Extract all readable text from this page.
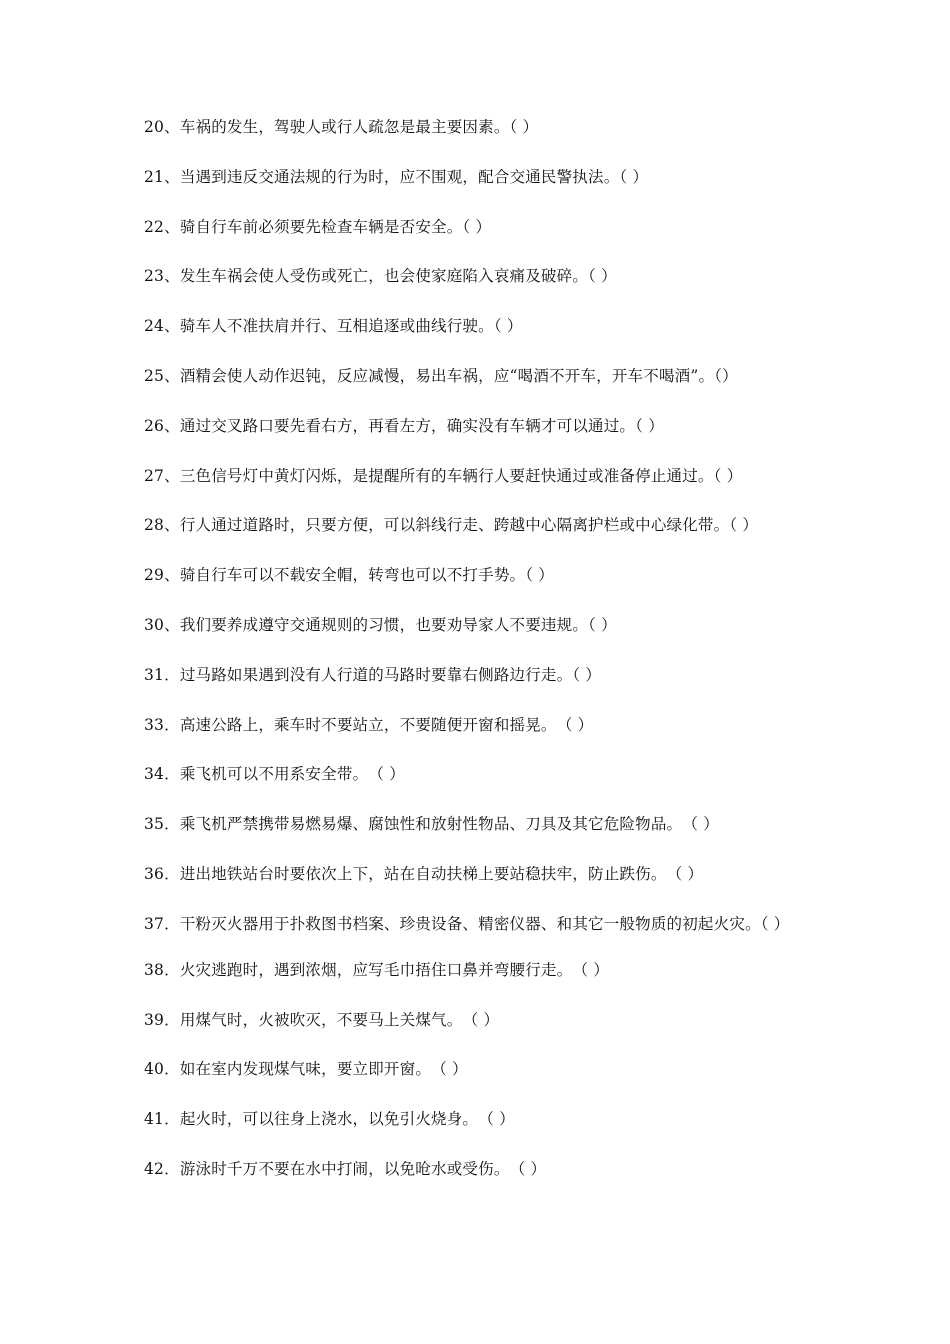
20、车祸的发生，驾驶人或行人疏忽是最主要因素。（ ）
21、当遇到违反交通法规的行为时，应不围观，配合交通民警执法。（ ）
22、骑自行车前必须要先检查车辆是否安全。（ ）
23、发生车祸会使人受伤或死亡，也会使家庭陷入哀痛及破碎。（ ）
24、骑车人不准扶肩并行、互相追逐或曲线行驶。（ ）
25、酒精会使人动作迟钝，反应减慢，易出车祸，应“喝酒不开车，开车不喝酒”。（）
26、通过交叉路口要先看右方，再看左方，确实没有车辆才可以通过。（ ）
27、三色信号灯中黄灯闪烁，是提醒所有的车辆行人要赶快通过或准备停止通过。（ ）
28、行人通过道路时，只要方便，可以斜线行走、跨越中心隔离护栏或中心绿化带。（ ）
29、骑自行车可以不载安全帽，转弯也可以不打手势。（ ）
30、我们要养成遵守交通规则的习惯，也要劝导家人不要违规。（ ）
31．过马路如果遇到没有人行道的马路时要靠右侧路边行走。（ ）
33．高速公路上，乘车时不要站立，不要随便开窗和摇晃。　（ ）
34．乘飞机可以不用系安全带。　（ ）
35．乘飞机严禁携带易燃易爆、腐蚀性和放射性物品、刀具及其它危险物品。　（ ）
36．进出地铁站台时要依次上下，站在自动扶梯上要站稳扶牢，防止跌伤。　（ ）
37．干粉灭火器用于扑救图书档案、珍贵设备、精密仪器、和其它一般物质的初起火灾。（ ）
38．火灾逃跑时，遇到浓烟，应写毛巾捂住口鼻并弯腰行走。　（ ）
39．用煤气时，火被吹灭，不要马上关煤气。　（ ）
40．如在室内发现煤气味，要立即开窗。　（ ）
41．起火时，可以往身上浇水，以免引火烧身。　（ ）
42．游泳时千万不要在水中打闹，以免呛水或受伤。　（ ）
